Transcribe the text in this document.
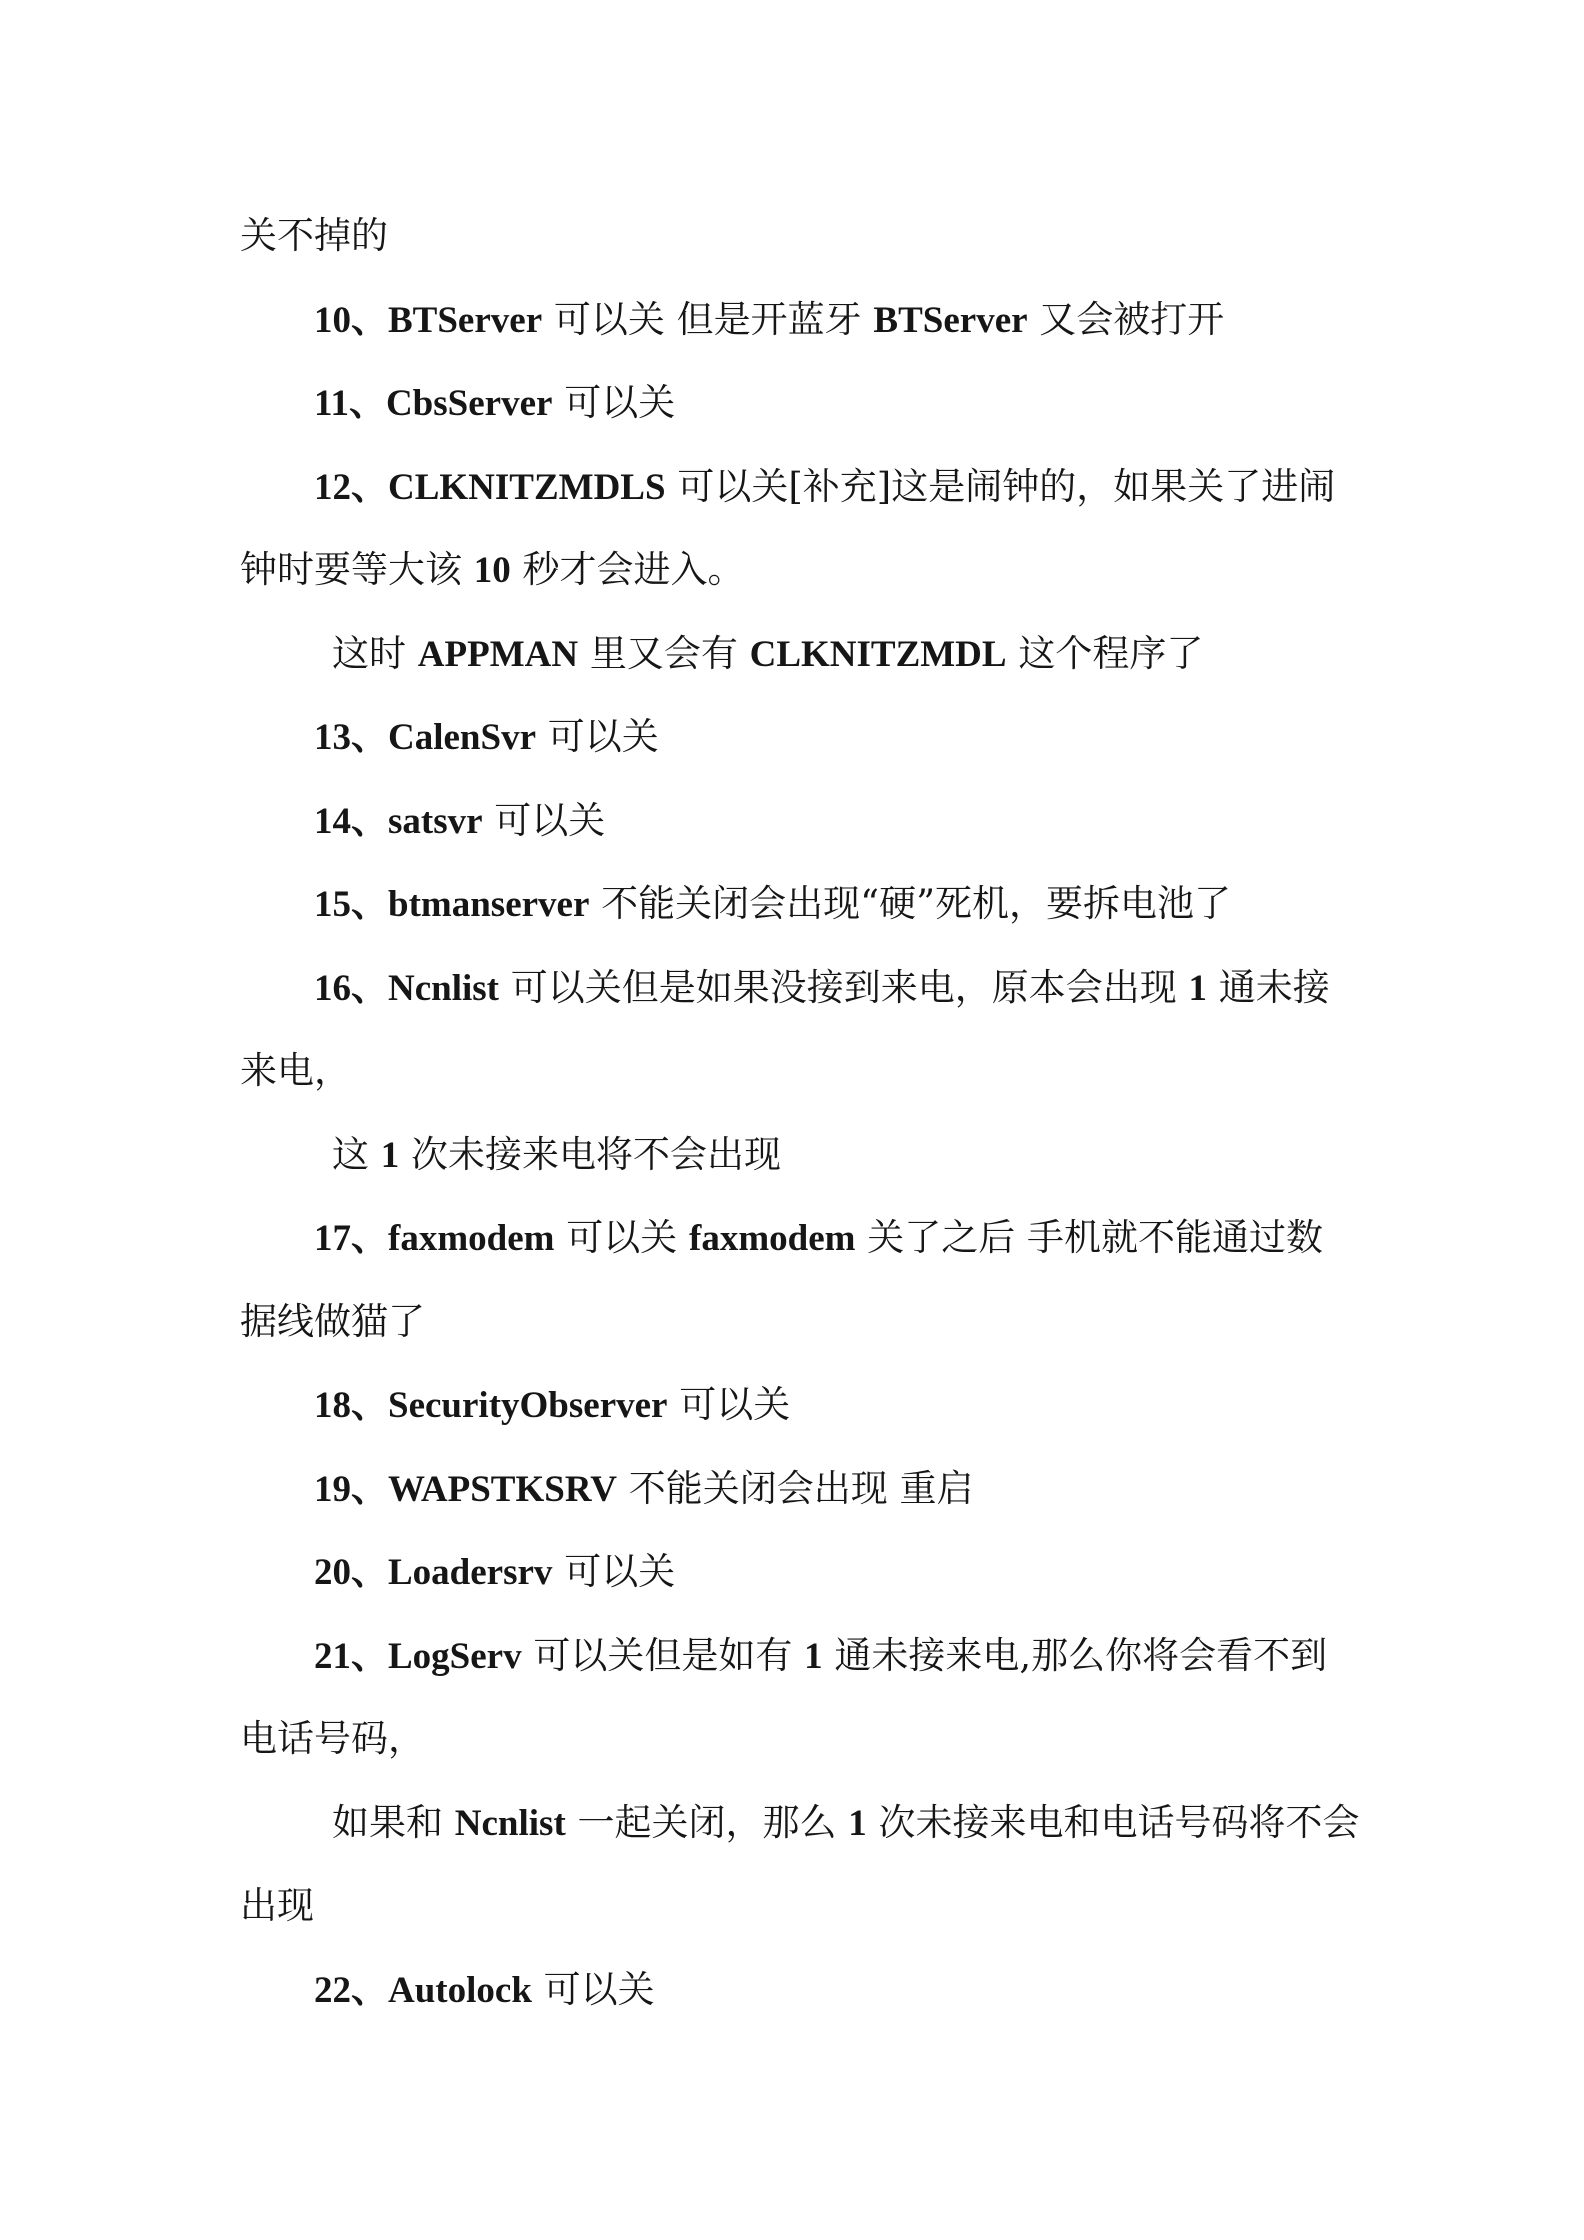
关不掉的
10、BTServer 可以关 但是开蓝牙 BTServer 又会被打开
11、CbsServer 可以关
12、CLKNITZMDLS 可以关[补充]这是闹钟的，如果关了进闹
钟时要等大该 10 秒才会进入。
这时 APPMAN 里又会有 CLKNITZMDL 这个程序了
13、CalenSvr 可以关
14、satsvr 可以关
15、btmanserver 不能关闭会出现“硬”死机，要拆电池了
16、Ncnlist 可以关但是如果没接到来电，原本会出现 1 通未接
来电，
这 1 次未接来电将不会出现
17、faxmodem 可以关 faxmodem 关了之后 手机就不能通过数
据线做猫了
18、SecurityObserver 可以关
19、WAPSTKSRV 不能关闭会出现 重启
20、Loadersrv 可以关
21、LogServ 可以关但是如有 1 通未接来电,那么你将会看不到
电话号码，
如果和 Ncnlist 一起关闭，那么 1 次未接来电和电话号码将不会
出现
22、Autolock 可以关
